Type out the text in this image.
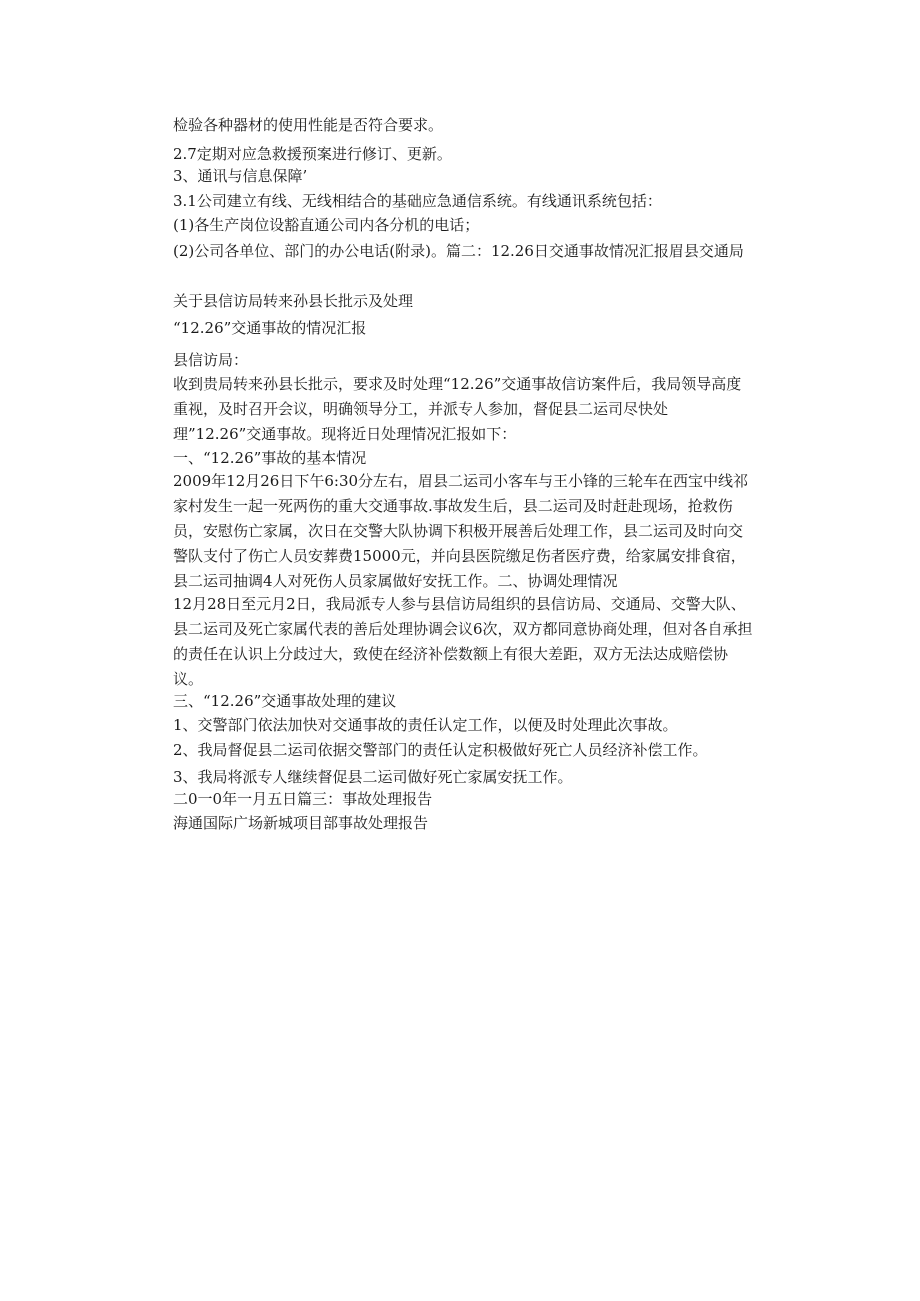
检验各种器材的使用性能是否符合要求。

2.7定期对应急救援预案进行修订、更新。

3、通讯与信息保障’

3.1公司建立有线、无线相结合的基础应急通信系统。有线通讯系统包括：

(1)各生产岗位设豁直通公司内各分机的电话；

(2)公司各单位、部门的办公电话(附录)。篇二：12.26日交通事故情况汇报眉县交通局

关于县信访局转来孙县长批示及处理

“12.26”交通事故的情况汇报

县信访局：

收到贵局转来孙县长批示，要求及时处理“12.26”交通事故信访案件后，我局领导高度重视，及时召开会议，明确领导分工，并派专人参加，督促县二运司尽快处理”12.26”交通事故。现将近日处理情况汇报如下：

一、“12.26”事故的基本情况

2009年12月26日下午6:30分左右，眉县二运司小客车与王小锋的三轮车在西宝中线祁家村发生一起一死两伤的重大交通事故.事故发生后，县二运司及时赶赴现场，抢救伤员，安慰伤亡家属，次日在交警大队协调下积极开展善后处理工作，县二运司及时向交警队支付了伤亡人员安葬费15000元，并向县医院缴足伤者医疗费，给家属安排食宿，县二运司抽调4人对死伤人员家属做好安抚工作。二、协调处理情况

12月28日至元月2日，我局派专人参与县信访局组织的县信访局、交通局、交警大队、县二运司及死亡家属代表的善后处理协调会议6次，双方都同意协商处理，但对各自承担的责任在认识上分歧过大，致使在经济补偿数额上有很大差距，双方无法达成赔偿协议。

三、“12.26”交通事故处理的建议

1、交警部门依法加快对交通事故的责任认定工作，以便及时处理此次事故。

2、我局督促县二运司依据交警部门的责任认定积极做好死亡人员经济补偿工作。

3、我局将派专人继续督促县二运司做好死亡家属安抚工作。

二0一0年一月五日篇三：事故处理报告

海通国际广场新城项目部事故处理报告
